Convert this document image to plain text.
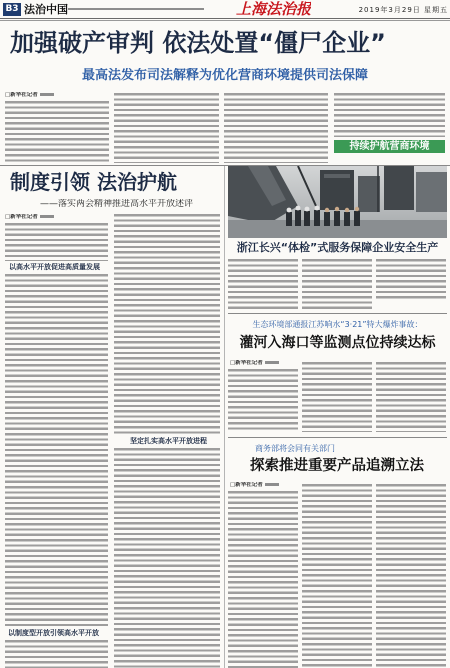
B3 法治中国	上海法治报	2019年3月29日 星期五
加强破产审判 依法处置“僵尸企业”
最高法发布司法解释为优化营商环境提供司法保障
□新华社记者
持续护航营商环境
制度引领 法治护航
——落实两会精神推进高水平开放述评
□新华社记者
以高水平开放促进高质量发展
以制度型开放引领高水平开放
坚定扎实高水平开放进程
浙江长兴“体检”式服务保障企业安全生产
生态环境部通报江苏响水“3·21”特大爆炸事故：
灌河入海口等监测点位持续达标
□新华社记者
商务部将会同有关部门
探索推进重要产品追溯立法
□新华社记者
